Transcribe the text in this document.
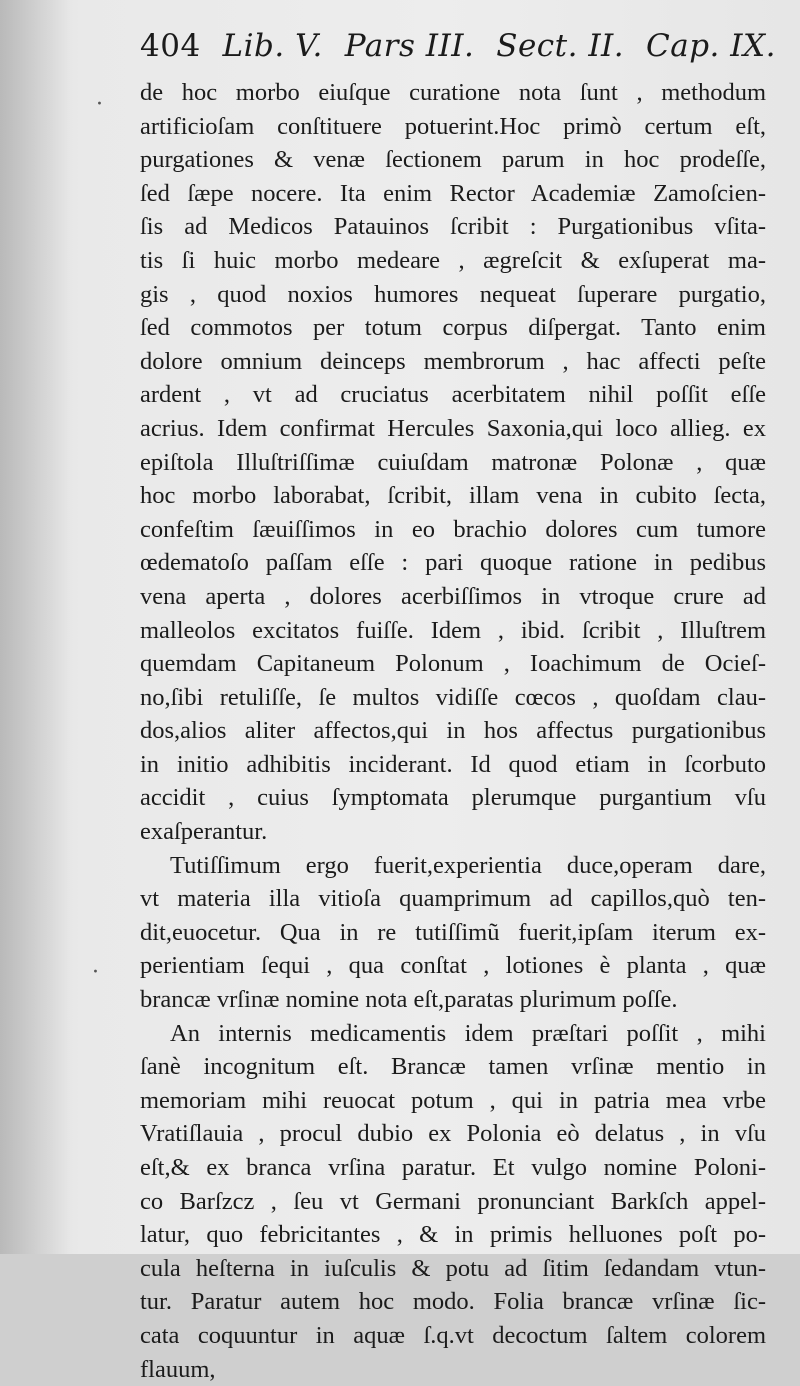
·
·
404 Lib. V. Pars III. Sect. II. Cap. IX.

de hoc morbo eiuſque curatione nota ſunt , methodum
artificioſam conſtituere potuerint.Hoc primò certum eſt,
purgationes & venæ ſectionem parum in hoc prodeſſe,
ſed ſæpe nocere. Ita enim Rector Academiæ Zamoſcien-
ſis ad Medicos Patauinos ſcribit : Purgationibus vſita-
tis ſi huic morbo medeare , ægreſcit & exſuperat ma-
gis , quod noxios humores nequeat ſuperare purgatio,
ſed commotos per totum corpus diſpergat. Tanto enim
dolore omnium deinceps membrorum , hac affecti peſte
ardent , vt ad cruciatus acerbitatem nihil poſſit eſſe
acrius. Idem confirmat Hercules Saxonia,qui loco allieg. ex
epiſtola Illuſtriſſimæ cuiuſdam matronæ Polonæ , quæ
hoc morbo laborabat, ſcribit, illam vena in cubito ſecta,
confeſtim ſæuiſſimos in eo brachio dolores cum tumore
œdematoſo paſſam eſſe : pari quoque ratione in pedibus
vena aperta , dolores acerbiſſimos in vtroque crure ad
malleolos excitatos fuiſſe. Idem , ibid. ſcribit , Illuſtrem
quemdam Capitaneum Polonum , Ioachimum de Ocieſ-
no,ſibi retuliſſe, ſe multos vidiſſe cœcos , quoſdam clau-
dos,alios aliter affectos,qui in hos affectus purgationibus
in initio adhibitis inciderant. Id quod etiam in ſcorbuto
accidit , cuius ſymptomata plerumque purgantium vſu
exaſperantur.

Tutiſſimum ergo fuerit,experientia duce,operam dare,
vt materia illa vitioſa quamprimum ad capillos,quò ten-
dit,euocetur. Qua in re tutiſſimũ fuerit,ipſam iterum ex-
perientiam ſequi , qua conſtat , lotiones è planta , quæ
brancæ vrſinæ nomine nota eſt,paratas plurimum poſſe.

An internis medicamentis idem præſtari poſſit , mihi
ſanè incognitum eſt. Brancæ tamen vrſinæ mentio in
memoriam mihi reuocat potum , qui in patria mea vrbe
Vratiſlauia , procul dubio ex Polonia eò delatus , in vſu
eſt,& ex branca vrſina paratur. Et vulgo nomine Poloni-
co Barſzcz , ſeu vt Germani pronunciant Barkſch appel-
latur, quo febricitantes , & in primis helluones poſt po-
cula heſterna in iuſculis & potu ad ſitim ſedandam vtun-
tur. Paratur autem hoc modo. Folia brancæ vrſinæ ſic-
cata coquuntur in aquæ ſ.q.vt decoctum ſaltem colorem
flauum,
